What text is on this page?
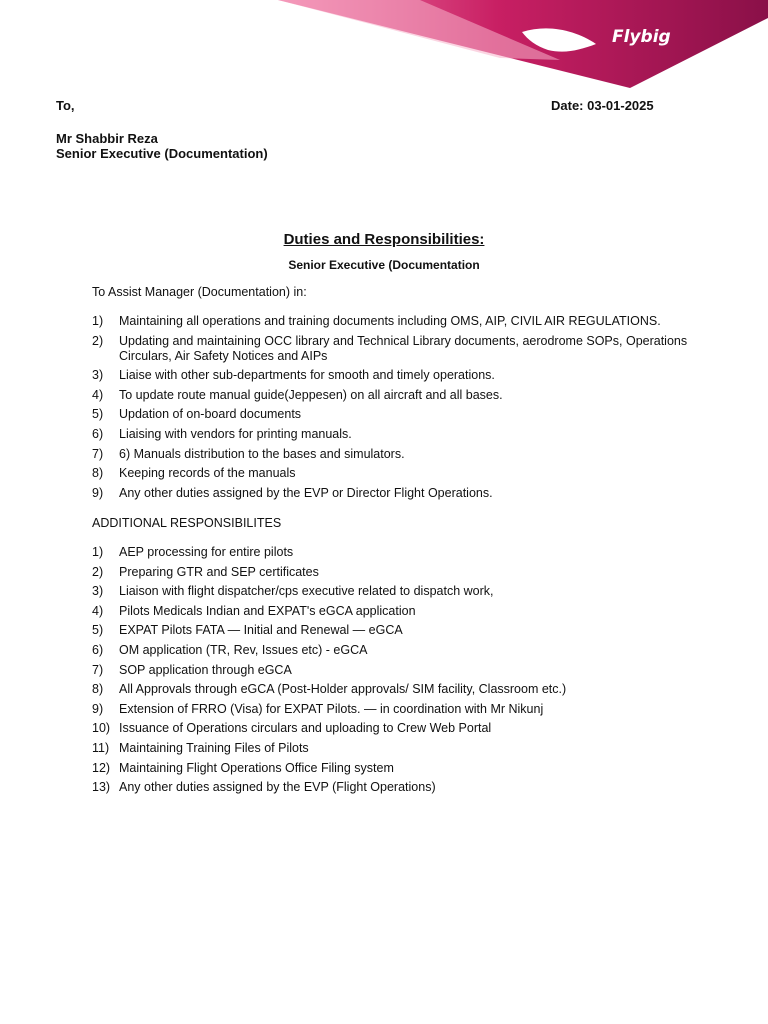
Flybig
To,	Date: 03-01-2025
Mr Shabbir Reza
Senior Executive (Documentation)
Duties and Responsibilities:
Senior Executive (Documentation
To Assist Manager (Documentation) in:
1) Maintaining all operations and training documents including OMS, AIP, CIVIL AIR REGULATIONS.
2) Updating and maintaining OCC library and Technical Library documents, aerodrome SOPs, Operations Circulars, Air Safety Notices and AIPs
3) Liaise with other sub-departments for smooth and timely operations.
4) To update route manual guide(Jeppesen) on all aircraft and all bases.
5) Updation of on-board documents
6) Liaising with vendors for printing manuals.
7) 6) Manuals distribution to the bases and simulators.
8) Keeping records of the manuals
9) Any other duties assigned by the EVP or Director Flight Operations.
ADDITIONAL RESPONSIBILITES
1) AEP processing for entire pilots
2) Preparing GTR and SEP certificates
3) Liaison with flight dispatcher/cps executive related to dispatch work,
4) Pilots Medicals Indian and EXPAT's eGCA application
5) EXPAT Pilots FATA — Initial and Renewal — eGCA
6) OM application (TR, Rev, Issues etc) - eGCA
7) SOP application through eGCA
8) All Approvals through eGCA (Post-Holder approvals/ SIM facility, Classroom etc.)
9) Extension of FRRO (Visa) for EXPAT Pilots. — in coordination with Mr Nikunj
10) Issuance of Operations circulars and uploading to Crew Web Portal
11) Maintaining Training Files of Pilots
12) Maintaining Flight Operations Office Filing system
13) Any other duties assigned by the EVP (Flight Operations)
